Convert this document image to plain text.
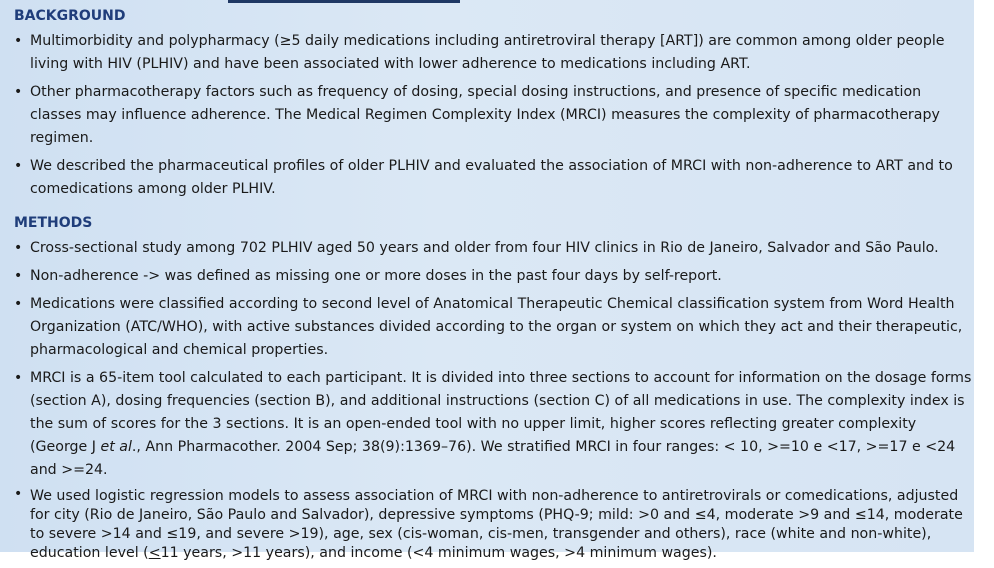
BACKGROUND
• Multimorbidity and polypharmacy (≥5 daily medications including antiretroviral therapy [ART]) are common among older people living with HIV (PLHIV) and have been associated with lower adherence to medications including ART.
• Other pharmacotherapy factors such as frequency of dosing, special dosing instructions, and presence of specific medication classes may influence adherence. The Medical Regimen Complexity Index (MRCI) measures the complexity of pharmacotherapy regimen.
• We described the pharmaceutical profiles of older PLHIV and evaluated the association of MRCI with non-adherence to ART and to comedications among older PLHIV.
METHODS
• Cross-sectional study among 702 PLHIV aged 50 years and older from four HIV clinics in Rio de Janeiro, Salvador and São Paulo.
• Non-adherence -> was defined as missing one or more doses in the past four days by self-report.
• Medications were classified according to second level of Anatomical Therapeutic Chemical classification system from Word Health Organization (ATC/WHO), with active substances divided according to the organ or system on which they act and their therapeutic, pharmacological and chemical properties.
• MRCI is a 65-item tool calculated to each participant. It is divided into three sections to account for information on the dosage forms (section A), dosing frequencies (section B), and additional instructions (section C) of all medications in use. The complexity index is the sum of scores for the 3 sections. It is an open-ended tool with no upper limit, higher scores reflecting greater complexity (George J et al., Ann Pharmacother. 2004 Sep; 38(9):1369–76). We stratified MRCI in four ranges: < 10, >=10 e <17, >=17 e <24 and >=24.
• We used logistic regression models to assess association of MRCI with non-adherence to antiretrovirals or comedications, adjusted for city (Rio de Janeiro, São Paulo and Salvador), depressive symptoms (PHQ-9; mild: >0 and ≤4, moderate >9 and ≤14, moderate to severe >14 and ≤19, and severe >19), age, sex (cis-woman, cis-men, transgender and others), race (white and non-white), education level (<11 years, >11 years), and income (<4 minimum wages, >4 minimum wages).
